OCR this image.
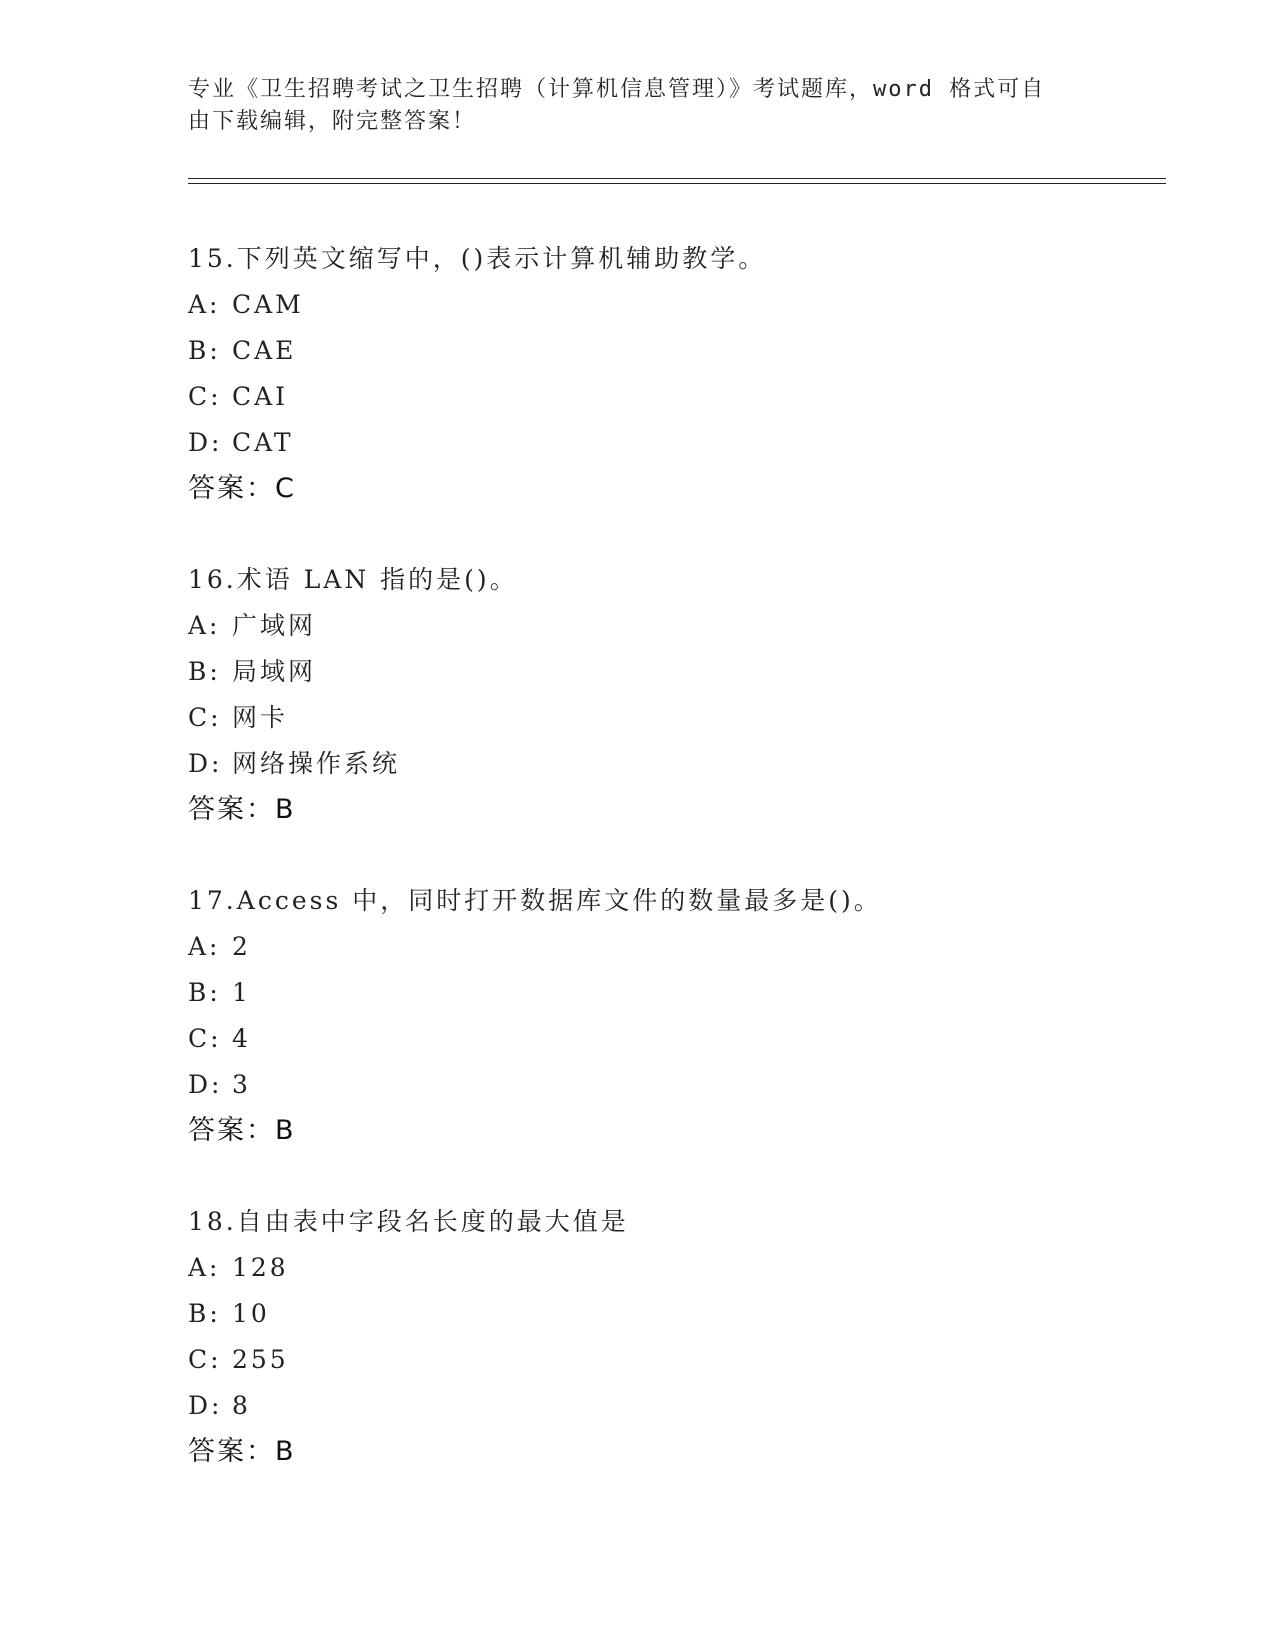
专业《卫生招聘考试之卫生招聘（计算机信息管理）》考试题库，word 格式可自
由下载编辑，附完整答案！
15.下列英文缩写中，()表示计算机辅助教学。
A: CAM
B: CAE
C: CAI
D: CAT
答案：C
16.术语 LAN 指的是()。
A: 广域网
B: 局域网
C: 网卡
D: 网络操作系统
答案：B
17.Access 中，同时打开数据库文件的数量最多是()。
A: 2
B: 1
C: 4
D: 3
答案：B
18.自由表中字段名长度的最大值是
A: 128
B: 10
C: 255
D: 8
答案：B
